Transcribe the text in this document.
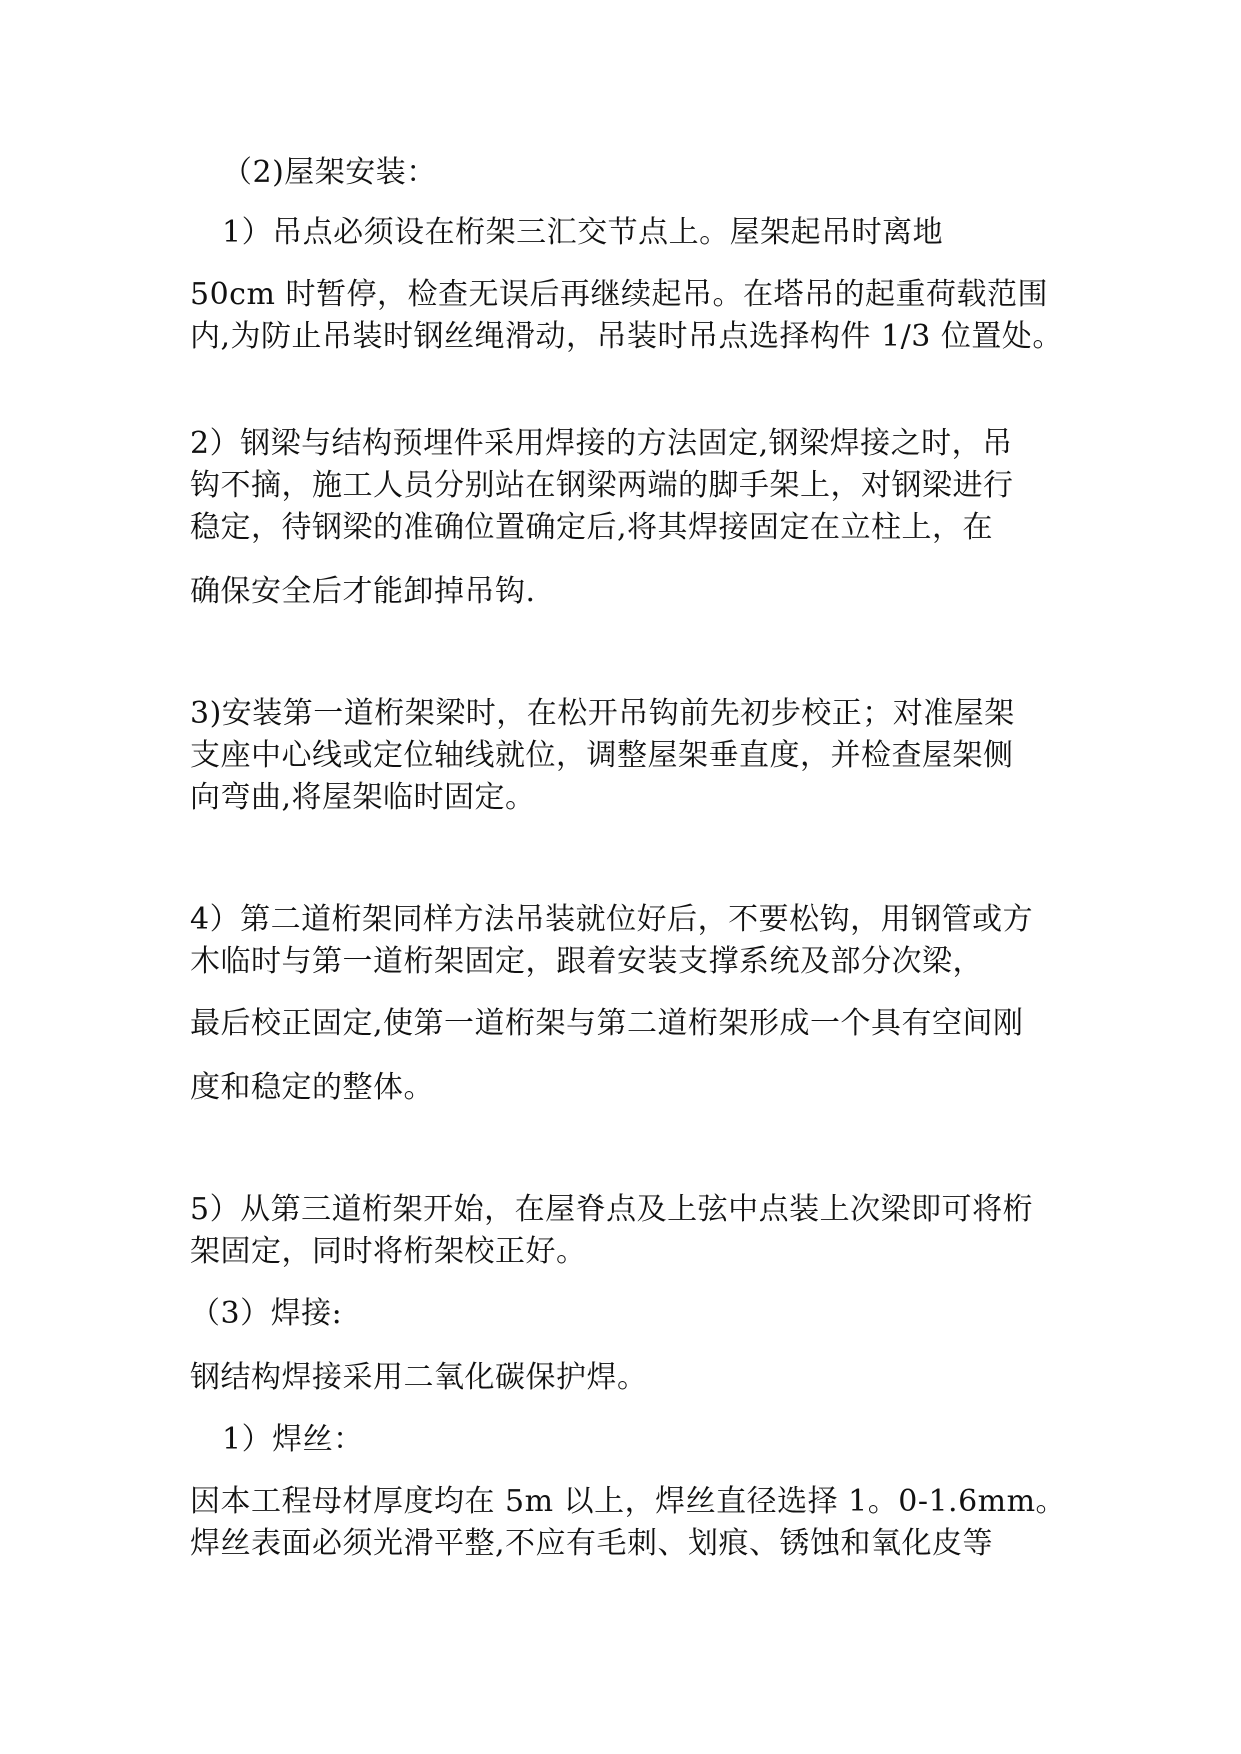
（2)屋架安装：
1）吊点必须设在桁架三汇交节点上。屋架起吊时离地
50cm 时暂停，检查无误后再继续起吊。在塔吊的起重荷载范围
内,为防止吊装时钢丝绳滑动，吊装时吊点选择构件 1/3 位置处。
2）钢梁与结构预埋件采用焊接的方法固定,钢梁焊接之时，吊
钩不摘，施工人员分别站在钢梁两端的脚手架上，对钢梁进行
稳定，待钢梁的准确位置确定后,将其焊接固定在立柱上，在
确保安全后才能卸掉吊钩.
3)安装第一道桁架梁时，在松开吊钩前先初步校正；对准屋架
支座中心线或定位轴线就位，调整屋架垂直度，并检查屋架侧
向弯曲,将屋架临时固定。
4）第二道桁架同样方法吊装就位好后，不要松钩，用钢管或方
木临时与第一道桁架固定，跟着安装支撑系统及部分次梁，
最后校正固定,使第一道桁架与第二道桁架形成一个具有空间刚
度和稳定的整体。
5）从第三道桁架开始，在屋脊点及上弦中点装上次梁即可将桁
架固定，同时将桁架校正好。
（3）焊接:
钢结构焊接采用二氧化碳保护焊。
1）焊丝：
因本工程母材厚度均在 5m 以上，焊丝直径选择 1。0-1.6mm。
焊丝表面必须光滑平整,不应有毛刺、划痕、锈蚀和氧化皮等
